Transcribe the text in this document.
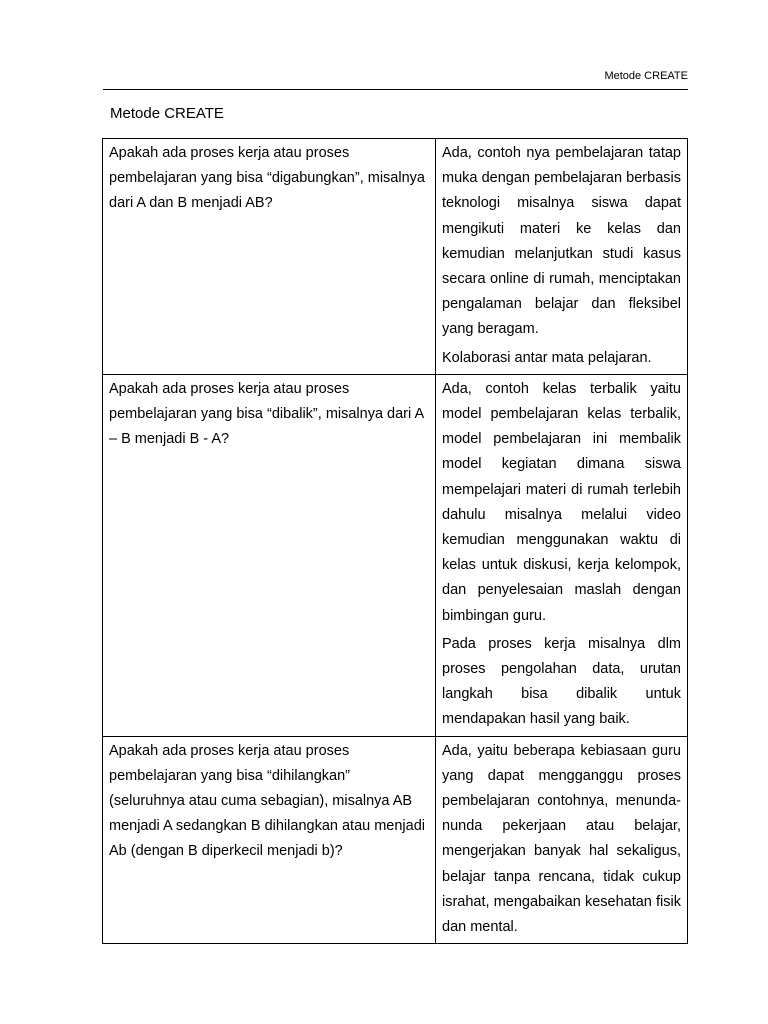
Metode CREATE
Metode CREATE
Apakah ada proses kerja atau proses pembelajaran yang bisa “digabungkan”, misalnya dari A dan B menjadi AB?	Ada, contoh nya pembelajaran tatap muka dengan pembelajaran berbasis teknologi misalnya siswa dapat mengikuti materi ke kelas dan kemudian melanjutkan studi kasus secara online di rumah, menciptakan pengalaman belajar dan fleksibel yang beragam.

Kolaborasi antar mata pelajaran.

Apakah ada proses kerja atau proses pembelajaran yang bisa “dibalik”, misalnya dari A – B menjadi B - A?	Ada, contoh kelas terbalik yaitu model pembelajaran kelas terbalik, model pembelajaran ini membalik model kegiatan dimana siswa mempelajari materi di rumah terlebih dahulu misalnya melalui video kemudian menggunakan waktu di kelas untuk diskusi, kerja kelompok, dan penyelesaian maslah dengan bimbingan guru.

Pada proses kerja misalnya dlm proses pengolahan data, urutan langkah bisa dibalik untuk mendapakan hasil yang baik.

Apakah ada proses kerja atau proses pembelajaran yang bisa “dihilangkan” (seluruhnya atau cuma sebagian), misalnya AB menjadi A sedangkan B dihilangkan atau menjadi Ab (dengan B diperkecil menjadi b)?	Ada, yaitu beberapa kebiasaan guru yang dapat mengganggu proses pembelajaran contohnya, menunda-nunda pekerjaan atau belajar, mengerjakan banyak hal sekaligus, belajar tanpa rencana, tidak cukup israhat, mengabaikan kesehatan fisik dan mental.
